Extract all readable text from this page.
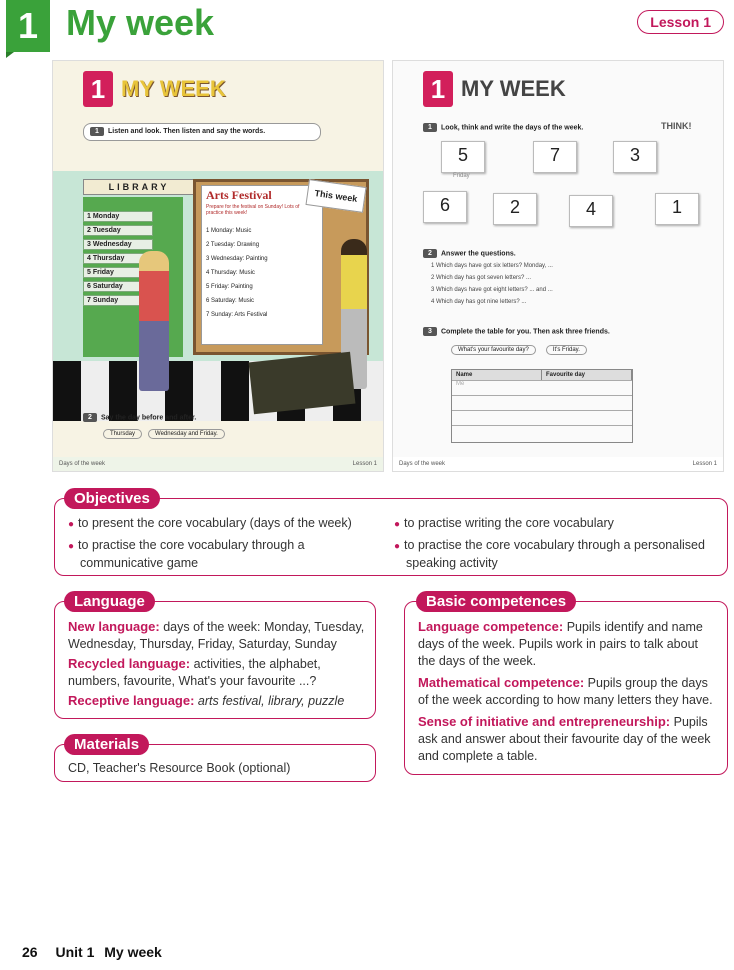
1 My week	Lesson 1
1 MY WEEK
1 Listen and look. Then listen and say the words.
LIBRARY
1 Monday
2 Tuesday
3 Wednesday
4 Thursday
5 Friday
6 Saturday
7 Sunday
Arts Festival
Prepare for the festival on Sunday! Lots of practice this week!
1 Monday: Music
2 Tuesday: Drawing
3 Wednesday: Painting
4 Thursday: Music
5 Friday: Painting
6 Saturday: Music
7 Sunday: Arts Festival
This week
2 Say the day before and after.
Thursday	Wednesday and Friday.
Days of the week	Lesson 1
1 MY WEEK
1 Look, think and write the days of the week.	THINK!
5	7	3
Friday
6	2	4	1
2 Answer the questions.
1 Which days have got six letters? Monday, ...
2 Which day has got seven letters? ...
3 Which days have got eight letters? ... and ...
4 Which day has got nine letters? ...
3 Complete the table for you. Then ask three friends.
What's your favourite day?	It's Friday.
Name	Favourite day
Me
Days of the week	Lesson 1
Objectives
● to present the core vocabulary (days of the week)
● to practise the core vocabulary through a communicative game
● to practise writing the core vocabulary
● to practise the core vocabulary through a personalised speaking activity
Language
New language: days of the week: Monday, Tuesday, Wednesday, Thursday, Friday, Saturday, Sunday
Recycled language: activities, the alphabet, numbers, favourite, What's your favourite ...?
Receptive language: arts festival, library, puzzle
Materials
CD, Teacher's Resource Book (optional)
Basic competences
Language competence: Pupils identify and name days of the week. Pupils work in pairs to talk about the days of the week.
Mathematical competence: Pupils group the days of the week according to how many letters they have.
Sense of initiative and entrepreneurship: Pupils ask and answer about their favourite day of the week and complete a table.
26 Unit 1 My week
